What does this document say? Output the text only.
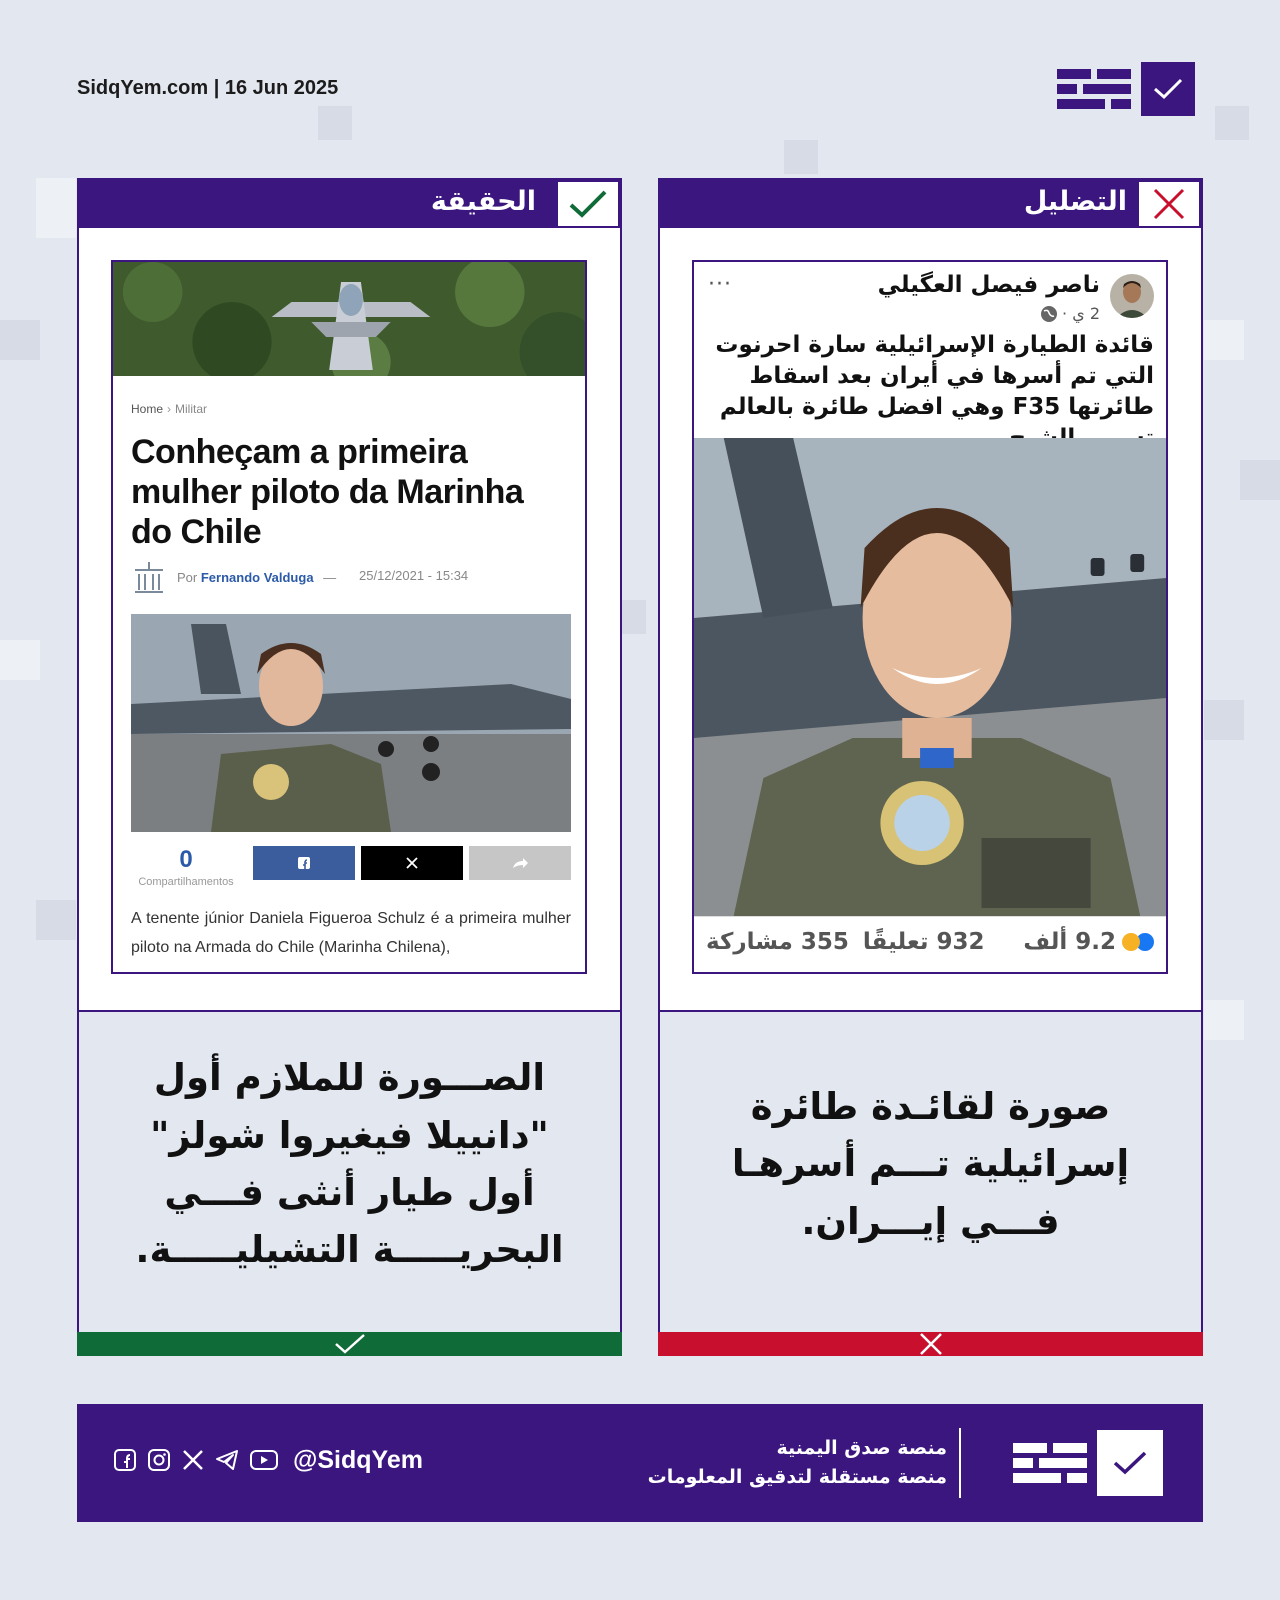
SidqYem.com | 16 Jun 2025
الحقيقة
Home › Militar
Conheçam a primeira mulher piloto da Marinha do Chile
Por Fernando Valduga — 25/12/2021 - 15:34
0
Compartilhamentos
A tenente júnior Daniela Figueroa Schulz é a primeira mulher piloto na Armada do Chile (Marinha Chilena),
الصـــورة للملازم أول "دانييلا فيغيروا شولز" أول طيار أنثى فـــي البحريـــــة التشيليـــــة.
التضليل
ناصر فيصل العگيلي
2 ي ·
···
قائدة الطيارة الإسرائيلية سارة احرنوت التي تم أسرها في أيران بعد اسقاط طائرتها F35 وهي افضل طائرة بالعالم
9.2 ألف
932 تعليقًا
355 مشاركة
صورة لقائـدة طائرة إسرائيلية تـــم أسرهـا فـــي إيـــران.
@SidqYem	منصة صدق اليمنية
منصة مستقلة لتدقيق المعلومات
